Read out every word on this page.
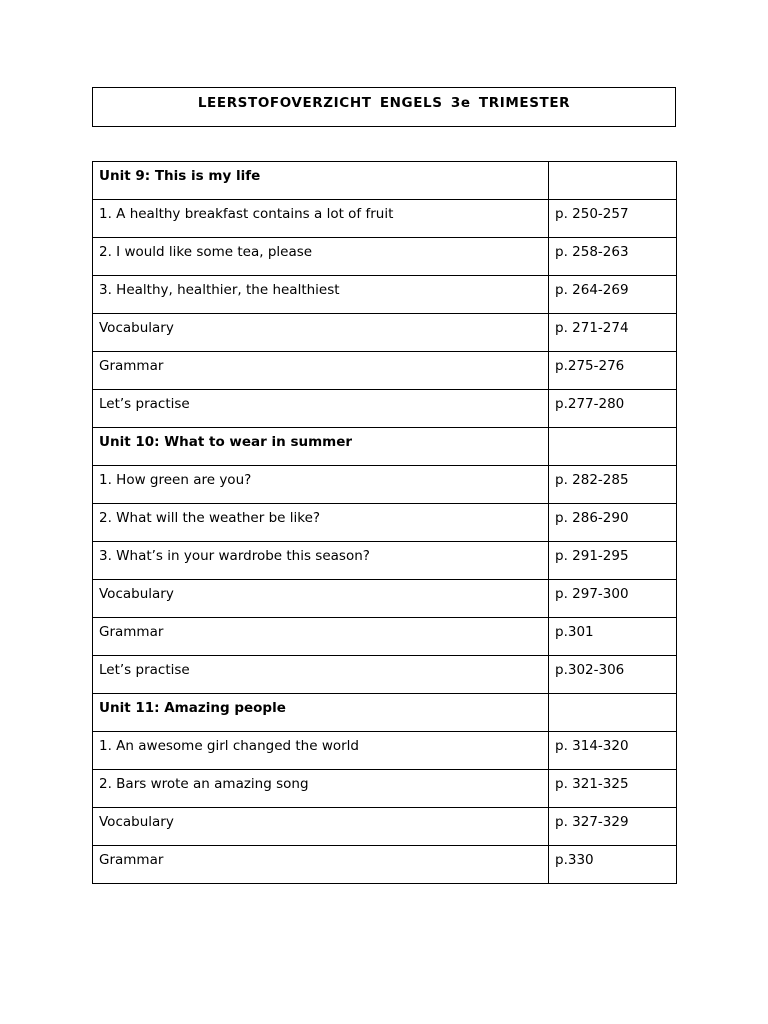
LEERSTOFOVERZICHT ENGELS 3e TRIMESTER
Unit 9: This is my life	
1. A healthy breakfast contains a lot of fruit	p. 250-257
2. I would like some tea, please	p. 258-263
3. Healthy, healthier, the healthiest	p. 264-269
Vocabulary	p. 271-274
Grammar	p.275-276
Let’s practise	p.277-280
Unit 10: What to wear in summer	
1. How green are you?	p. 282-285
2. What will the weather be like?	p. 286-290
3. What’s in your wardrobe this season?	p. 291-295
Vocabulary	p. 297-300
Grammar	p.301
Let’s practise	p.302-306
Unit 11: Amazing people	
1. An awesome girl changed the world	p. 314-320
2. Bars wrote an amazing song	p. 321-325
Vocabulary	p. 327-329
Grammar	p.330
